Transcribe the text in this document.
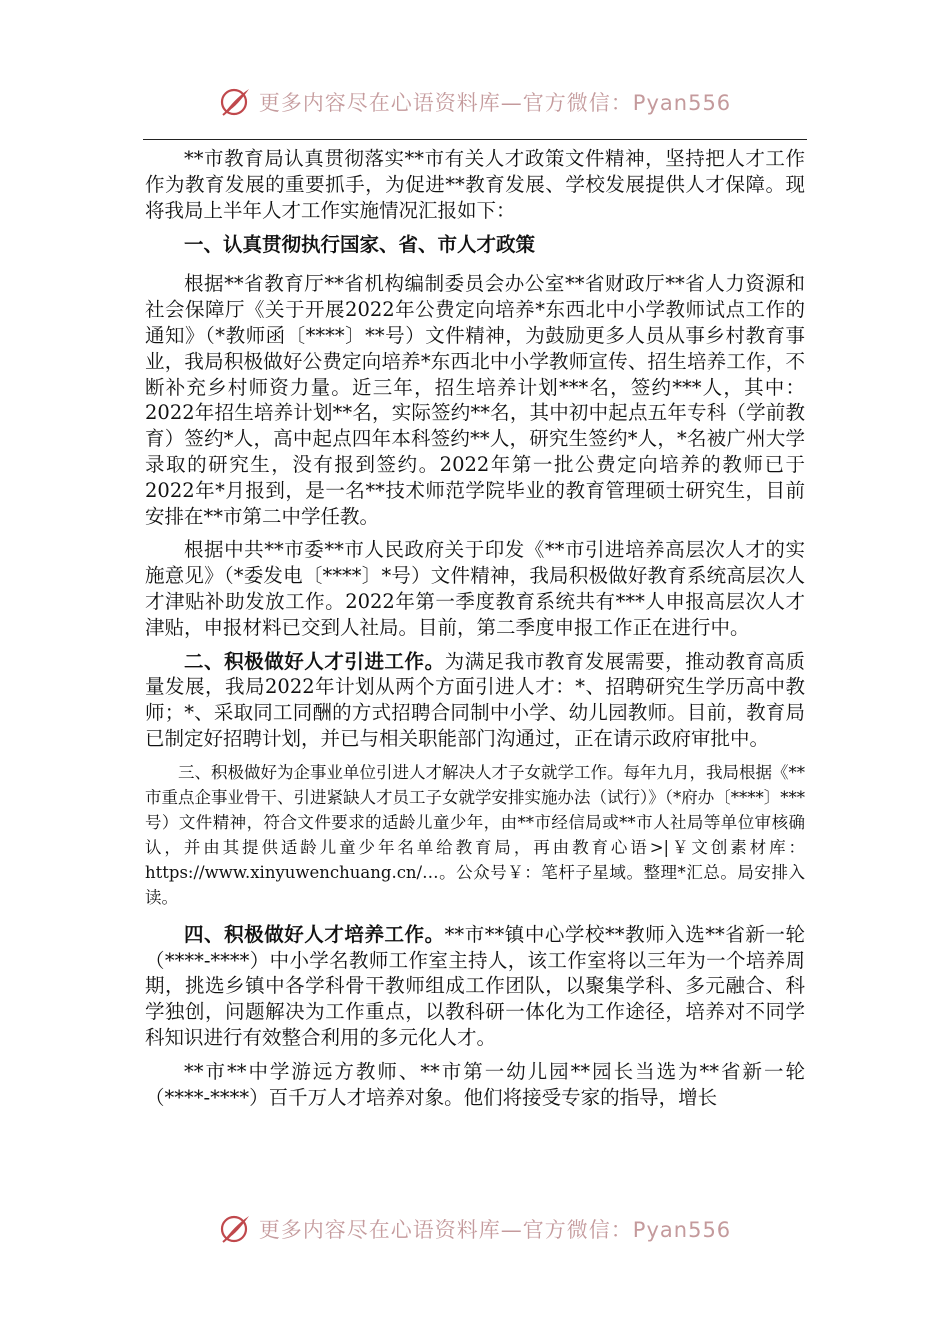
更多内容尽在心语资料库—官方微信：Pyan556

**市教育局认真贯彻落实**市有关人才政策文件精神，坚持把人才工作作为教育发展的重要抓手，为促进**教育发展、学校发展提供人才保障。现将我局上半年人才工作实施情况汇报如下：

一、认真贯彻执行国家、省、市人才政策

根据**省教育厅**省机构编制委员会办公室**省财政厅**省人力资源和社会保障厅《关于开展2022年公费定向培养*东西北中小学教师试点工作的通知》（*教师函〔****〕**号）文件精神，为鼓励更多人员从事乡村教育事业，我局积极做好公费定向培养*东西北中小学教师宣传、招生培养工作，不断补充乡村师资力量。近三年，招生培养计划***名，签约***人，其中：2022年招生培养计划**名，实际签约**名，其中初中起点五年专科（学前教育）签约*人，高中起点四年本科签约**人，研究生签约*人，*名被广州大学录取的研究生，没有报到签约。2022年第一批公费定向培养的教师已于2022年*月报到，是一名**技术师范学院毕业的教育管理硕士研究生，目前安排在**市第二中学任教。

根据中共**市委**市人民政府关于印发《**市引进培养高层次人才的实施意见》（*委发电〔****〕*号）文件精神，我局积极做好教育系统高层次人才津贴补助发放工作。2022年第一季度教育系统共有***人申报高层次人才津贴，申报材料已交到人社局。目前，第二季度申报工作正在进行中。

二、积极做好人才引进工作。为满足我市教育发展需要，推动教育高质量发展，我局2022年计划从两个方面引进人才：*、招聘研究生学历高中教师；*、采取同工同酬的方式招聘合同制中小学、幼儿园教师。目前，教育局已制定好招聘计划，并已与相关职能部门沟通过，正在请示政府审批中。

三、积极做好为企事业单位引进人才解决人才子女就学工作。每年九月，我局根据《**市重点企事业骨干、引进紧缺人才员工子女就学安排实施办法（试行）》（*府办〔****〕***号）文件精神，符合文件要求的适龄儿童少年，由**市经信局或**市人社局等单位审核确认，并由其提供适龄儿童少年名单给教育局，再由教育心语>|￥文创素材库：https://www.xinyuwenchuang.cn/…。公众号￥：笔杆子星域。整理*汇总。局安排入读。

四、积极做好人才培养工作。**市**镇中心学校**教师入选**省新一轮（****-****）中小学名教师工作室主持人，该工作室将以三年为一个培养周期，挑选乡镇中各学科骨干教师组成工作团队，以聚集学科、多元融合、科学独创，问题解决为工作重点，以教科研一体化为工作途径，培养对不同学科知识进行有效整合利用的多元化人才。

**市**中学游远方教师、**市第一幼儿园**园长当选为**省新一轮（****-****）百千万人才培养对象。他们将接受专家的指导，增长

更多内容尽在心语资料库—官方微信：Pyan556
